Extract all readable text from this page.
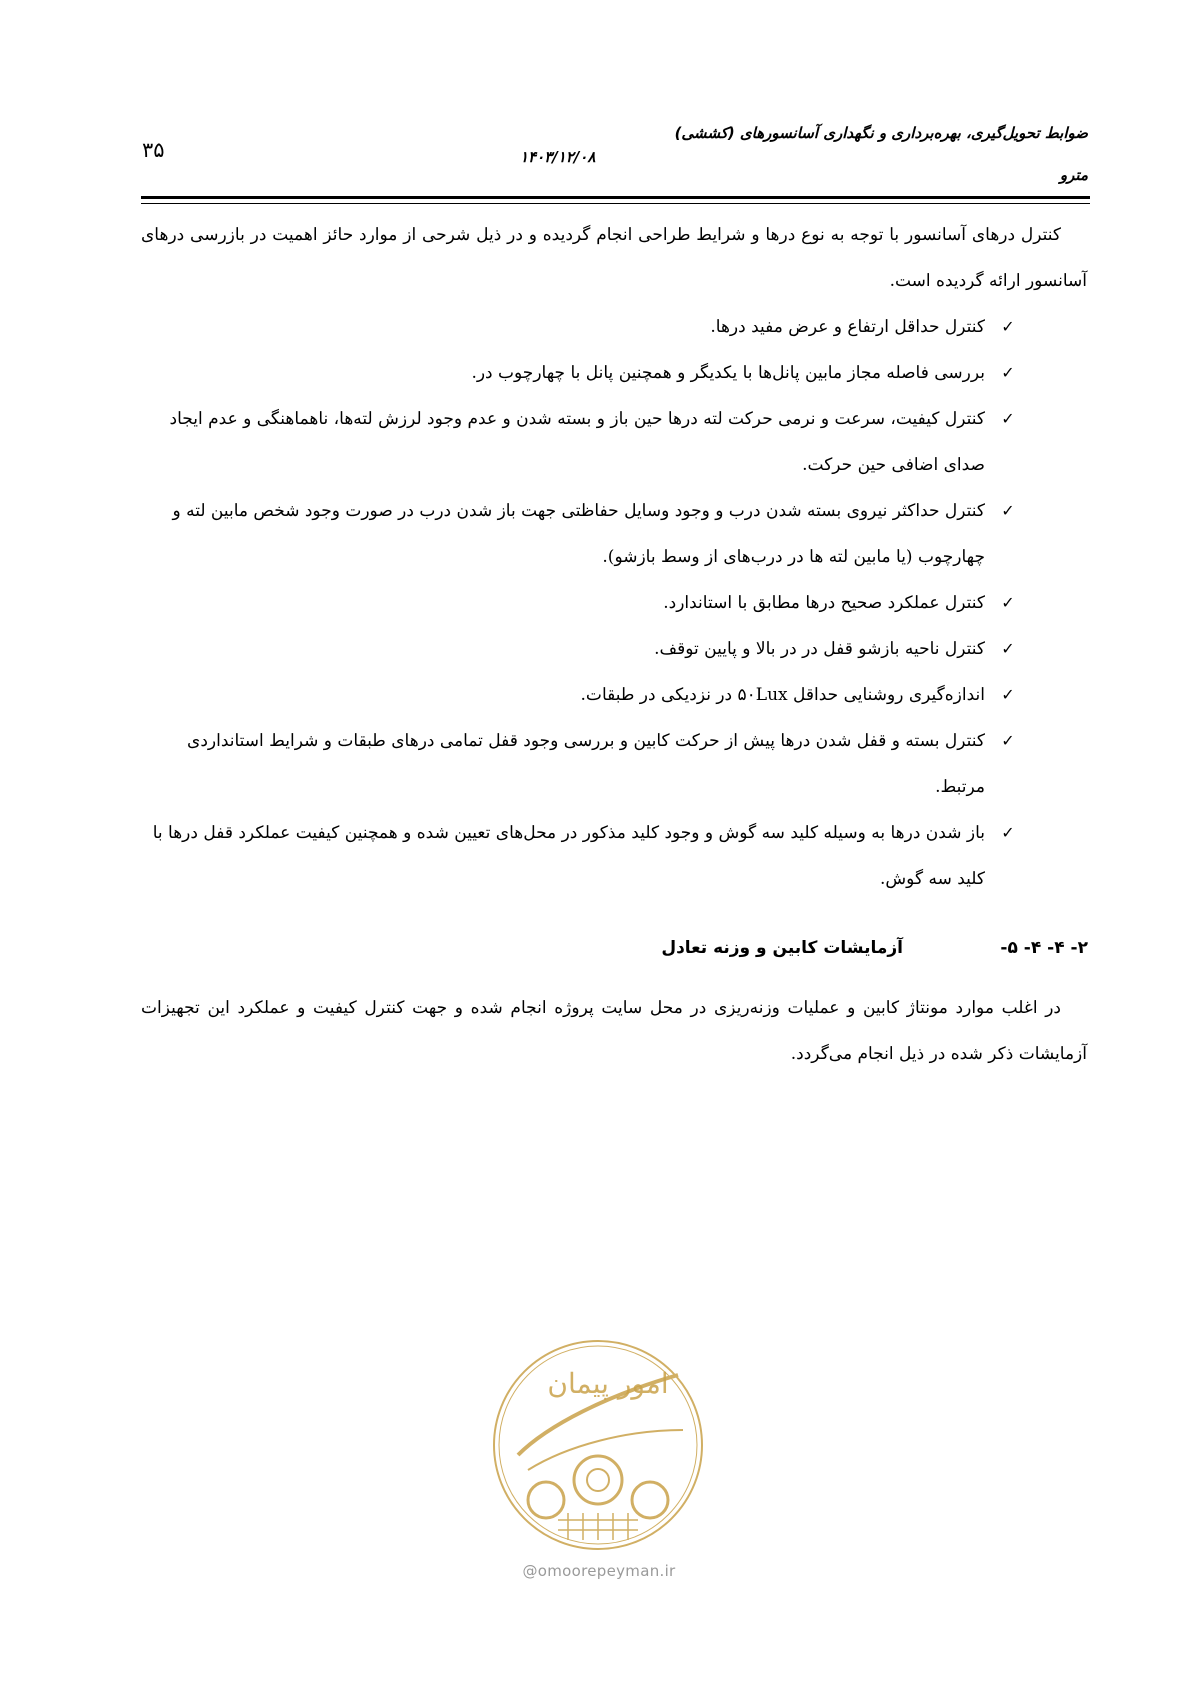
ضوابط تحویل‌گیری، بهره‌برداری و نگهداری آسانسورهای (کششی) مترو
۱۴۰۳/۱۲/۰۸
۳۵

کنترل درهای آسانسور با توجه به نوع درها و شرایط طراحی انجام گردیده و در ذیل شرحی از موارد حائز اهمیت در بازرسی درهای آسانسور ارائه گردیده است.

✓
کنترل حداقل ارتفاع و عرض مفید درها.
✓
بررسی فاصله مجاز مابین پانل‌ها با یکدیگر و همچنین پانل با چهارچوب در.
✓
کنترل کیفیت، سرعت و نرمی حرکت لته درها حین باز و بسته شدن و عدم وجود لرزش لته‌ها، ناهماهنگی و عدم ایجاد صدای اضافی حین حرکت.
✓
کنترل حداکثر نیروی بسته شدن درب و وجود وسایل حفاظتی جهت باز شدن درب در صورت وجود شخص مابین لته و چهارچوب (یا مابین لته ها در درب‌های از وسط بازشو).
✓
کنترل عملکرد صحیح درها مطابق با استاندارد.
✓
کنترل ناحیه بازشو قفل در در بالا و پایین توقف.
✓
اندازه‌گیری روشنایی حداقل ۵۰Lux در نزدیکی در طبقات.
✓
کنترل بسته و قفل شدن درها پیش از حرکت کابین و بررسی وجود قفل تمامی درهای طبقات و شرایط استانداردی مرتبط.
✓
باز شدن درها به وسیله کلید سه گوش و وجود کلید مذکور در محل‌های تعیین شده و همچنین کیفیت عملکرد قفل درها با کلید سه گوش.
۲- ۴- ۴- ۵-
آزمایشات کابین و وزنه تعادل

در اغلب موارد مونتاژ کابین و عملیات وزنه‌ریزی در محل سایت پروژه انجام شده و جهت کنترل کیفیت و عملکرد این تجهیزات آزمایشات ذکر شده در ذیل انجام می‌گردد.

امور پیمان
@omoorepeyman.ir
